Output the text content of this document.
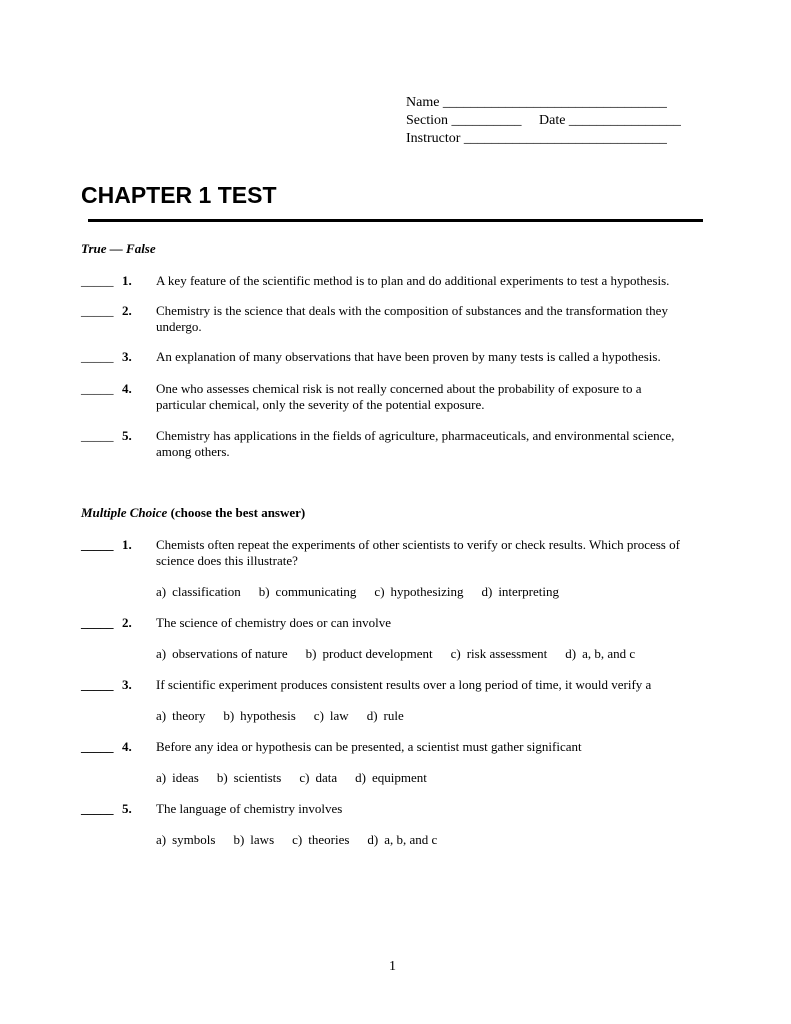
Name ________________________________
Section __________     Date ________________
Instructor _____________________________
CHAPTER 1 TEST
True — False
_____ 1. A key feature of the scientific method is to plan and do additional experiments to test a hypothesis.
_____ 2. Chemistry is the science that deals with the composition of substances and the transformation they undergo.
_____ 3. An explanation of many observations that have been proven by many tests is called a hypothesis.
_____ 4. One who assesses chemical risk is not really concerned about the probability of exposure to a particular chemical, only the severity of the potential exposure.
_____ 5. Chemistry has applications in the fields of agriculture, pharmaceuticals, and environmental science, among others.
Multiple Choice (choose the best answer)
_____ 1. Chemists often repeat the experiments of other scientists to verify or check results. Which process of science does this illustrate?
a) classification b) communicating c) hypothesizing d) interpreting
_____ 2. The science of chemistry does or can involve
a) observations of nature b) product development c) risk assessment d) a, b, and c
_____ 3. If scientific experiment produces consistent results over a long period of time, it would verify a
a) theory b) hypothesis c) law d) rule
_____ 4. Before any idea or hypothesis can be presented, a scientist must gather significant
a) ideas b) scientists c) data d) equipment
_____ 5. The language of chemistry involves
a) symbols b) laws c) theories d) a, b, and c
1
